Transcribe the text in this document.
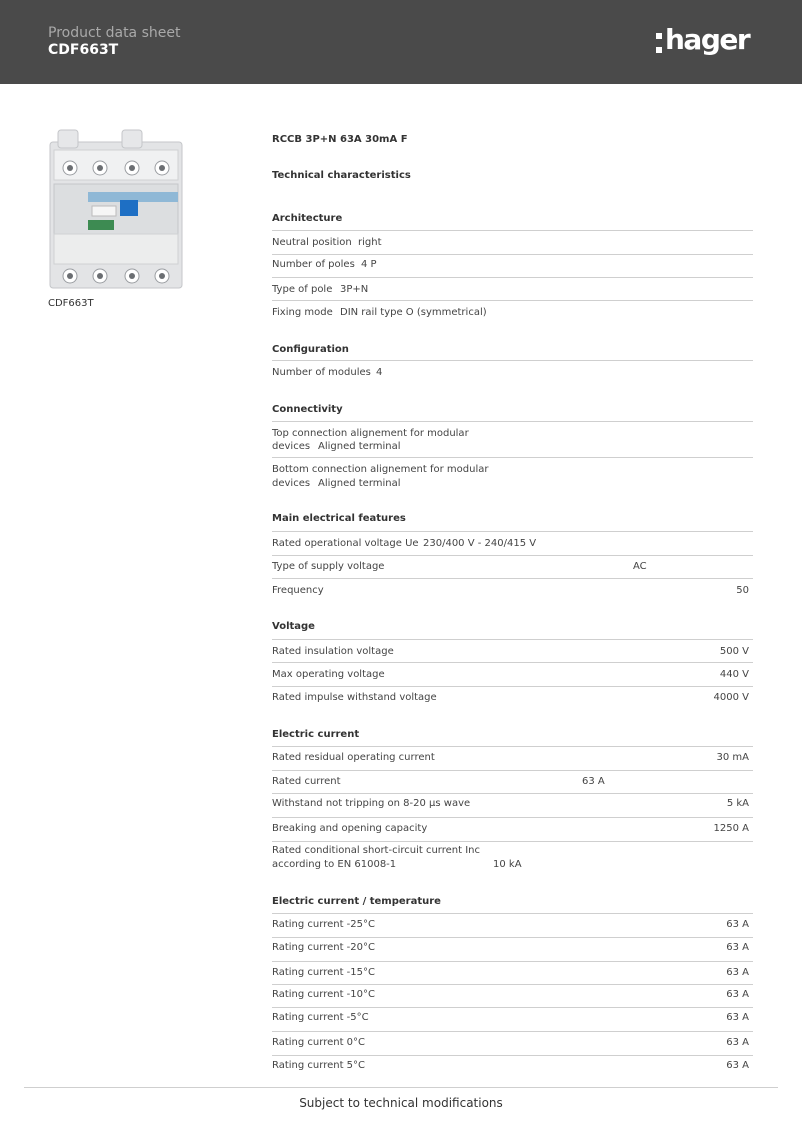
Product data sheet
CDF663T	hager
CDF663T
RCCB 3P+N 63A 30mA F
Technical characteristics
Architecture
Neutral position right
Number of poles 4 P
Type of pole 3P+N
Fixing mode DIN rail type O (symmetrical)
Configuration
Number of modules 4
Connectivity
Top connection alignement for modular
devices Aligned terminal
Bottom connection alignement for modular
devices Aligned terminal
Main electrical features
Rated operational voltage Ue 230/400 V - 240/415 V
Type of supply voltage	AC
Frequency	50
Voltage
Rated insulation voltage	500 V
Max operating voltage	440 V
Rated impulse withstand voltage	4000 V
Electric current
Rated residual operating current	30 mA
Rated current	63 A
Withstand not tripping on 8-20 µs wave	5 kA
Breaking and opening capacity	1250 A
Rated conditional short-circuit current Inc
according to EN 61008-1	10 kA
Electric current / temperature
Rating current -25°C	63 A
Rating current -20°C	63 A
Rating current -15°C	63 A
Rating current -10°C	63 A
Rating current -5°C	63 A
Rating current 0°C	63 A
Rating current 5°C	63 A
Subject to technical modifications
